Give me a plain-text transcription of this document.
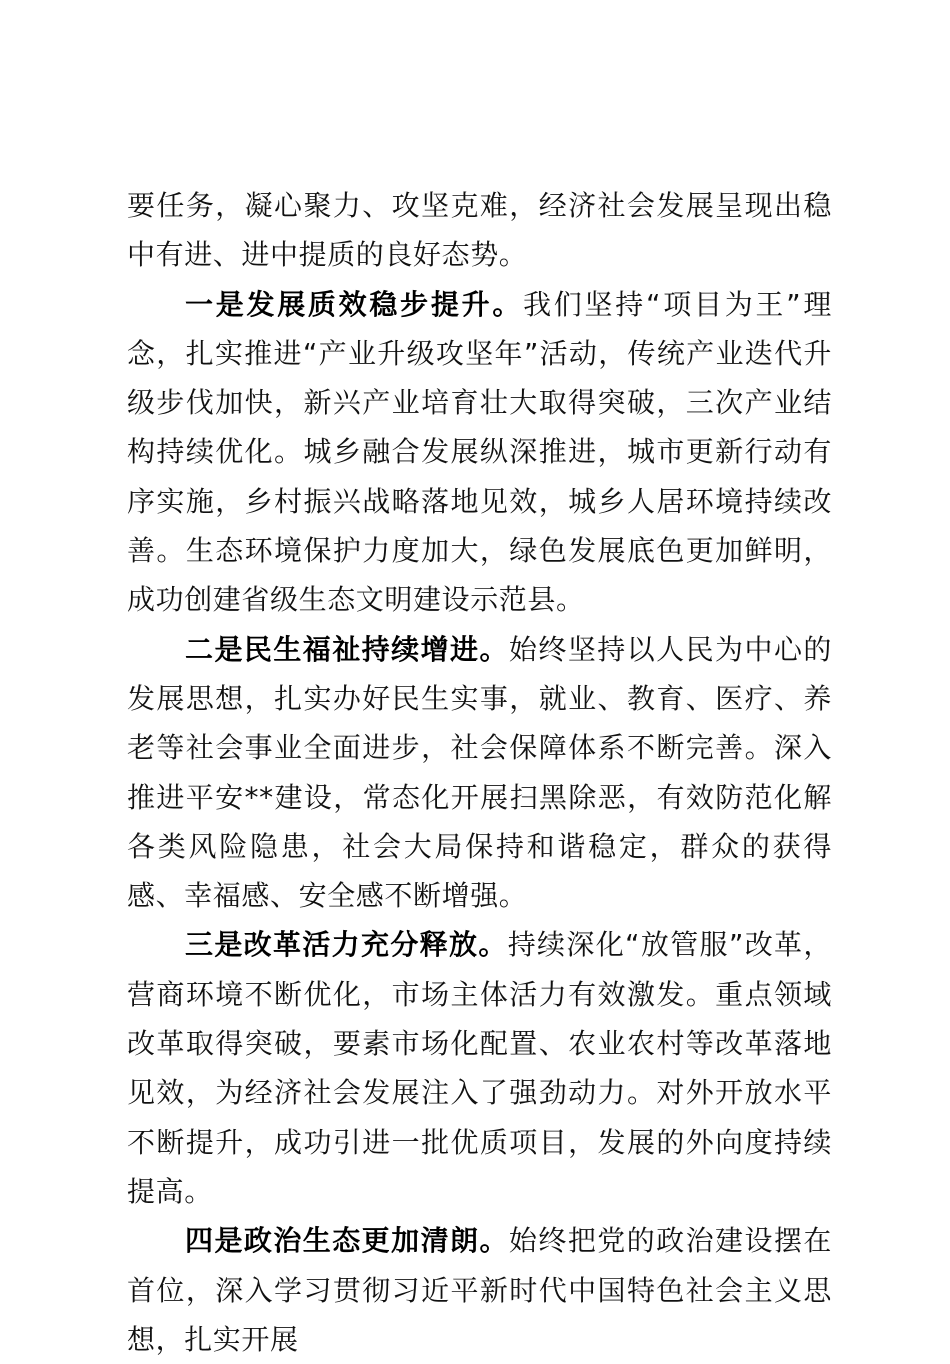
要任务，凝心聚力、攻坚克难，经济社会发展呈现出稳中有进、进中提质的良好态势。

一是发展质效稳步提升。我们坚持“项目为王”理念，扎实推进“产业升级攻坚年”活动，传统产业迭代升级步伐加快，新兴产业培育壮大取得突破，三次产业结构持续优化。城乡融合发展纵深推进，城市更新行动有序实施，乡村振兴战略落地见效，城乡人居环境持续改善。生态环境保护力度加大，绿色发展底色更加鲜明，成功创建省级生态文明建设示范县。

二是民生福祉持续增进。始终坚持以人民为中心的发展思想，扎实办好民生实事，就业、教育、医疗、养老等社会事业全面进步，社会保障体系不断完善。深入推进平安**建设，常态化开展扫黑除恶，有效防范化解各类风险隐患，社会大局保持和谐稳定，群众的获得感、幸福感、安全感不断增强。

三是改革活力充分释放。持续深化“放管服”改革，营商环境不断优化，市场主体活力有效激发。重点领域改革取得突破，要素市场化配置、农业农村等改革落地见效，为经济社会发展注入了强劲动力。对外开放水平不断提升，成功引进一批优质项目，发展的外向度持续提高。

四是政治生态更加清朗。始终把党的政治建设摆在首位，深入学习贯彻习近平新时代中国特色社会主义思想，扎实开展
